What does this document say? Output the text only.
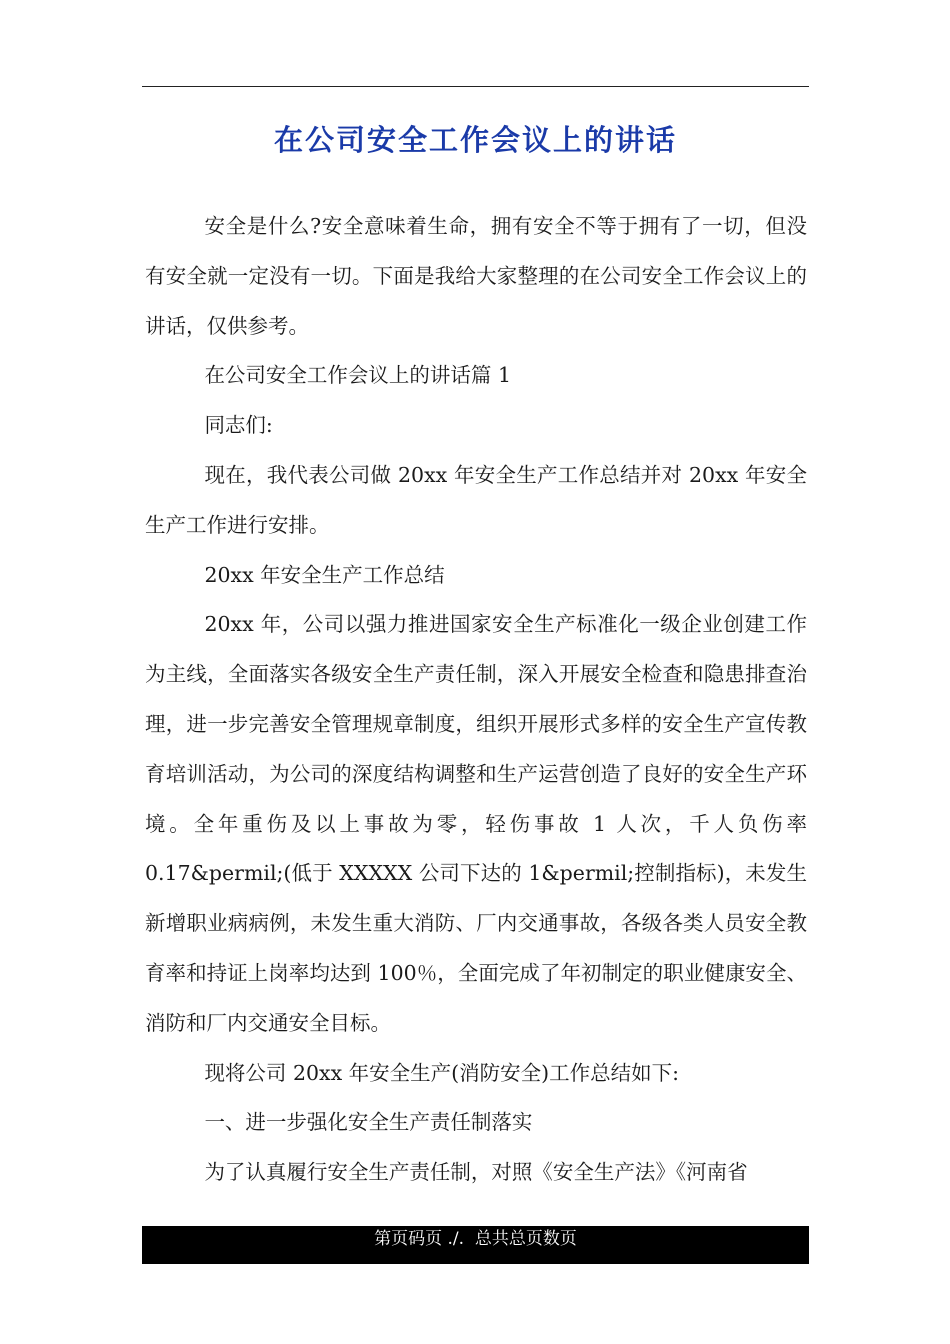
在公司安全工作会议上的讲话

安全是什么?安全意味着生命，拥有安全不等于拥有了一切，但没有安全就一定没有一切。下面是我给大家整理的在公司安全工作会议上的讲话，仅供参考。

在公司安全工作会议上的讲话篇 1

同志们:

现在，我代表公司做 20xx 年安全生产工作总结并对 20xx 年安全生产工作进行安排。

20xx 年安全生产工作总结

20xx 年，公司以强力推进国家安全生产标准化一级企业创建工作为主线，全面落实各级安全生产责任制，深入开展安全检查和隐患排查治理，进一步完善安全管理规章制度，组织开展形式多样的安全生产宣传教育培训活动，为公司的深度结构调整和生产运营创造了良好的安全生产环境。全年重伤及以上事故为零，轻伤事故 1 人次，千人负伤率 0.17&permil;(低于 XXXXX 公司下达的 1&permil;控制指标)，未发生新增职业病病例，未发生重大消防、厂内交通事故，各级各类人员安全教育率和持证上岗率均达到 100％，全面完成了年初制定的职业健康安全、消防和厂内交通安全目标。

现将公司 20xx 年安全生产(消防安全)工作总结如下:

一、进一步强化安全生产责任制落实

为了认真履行安全生产责任制，对照《安全生产法》《河南省

第页码页 ./.  总共总页数页
